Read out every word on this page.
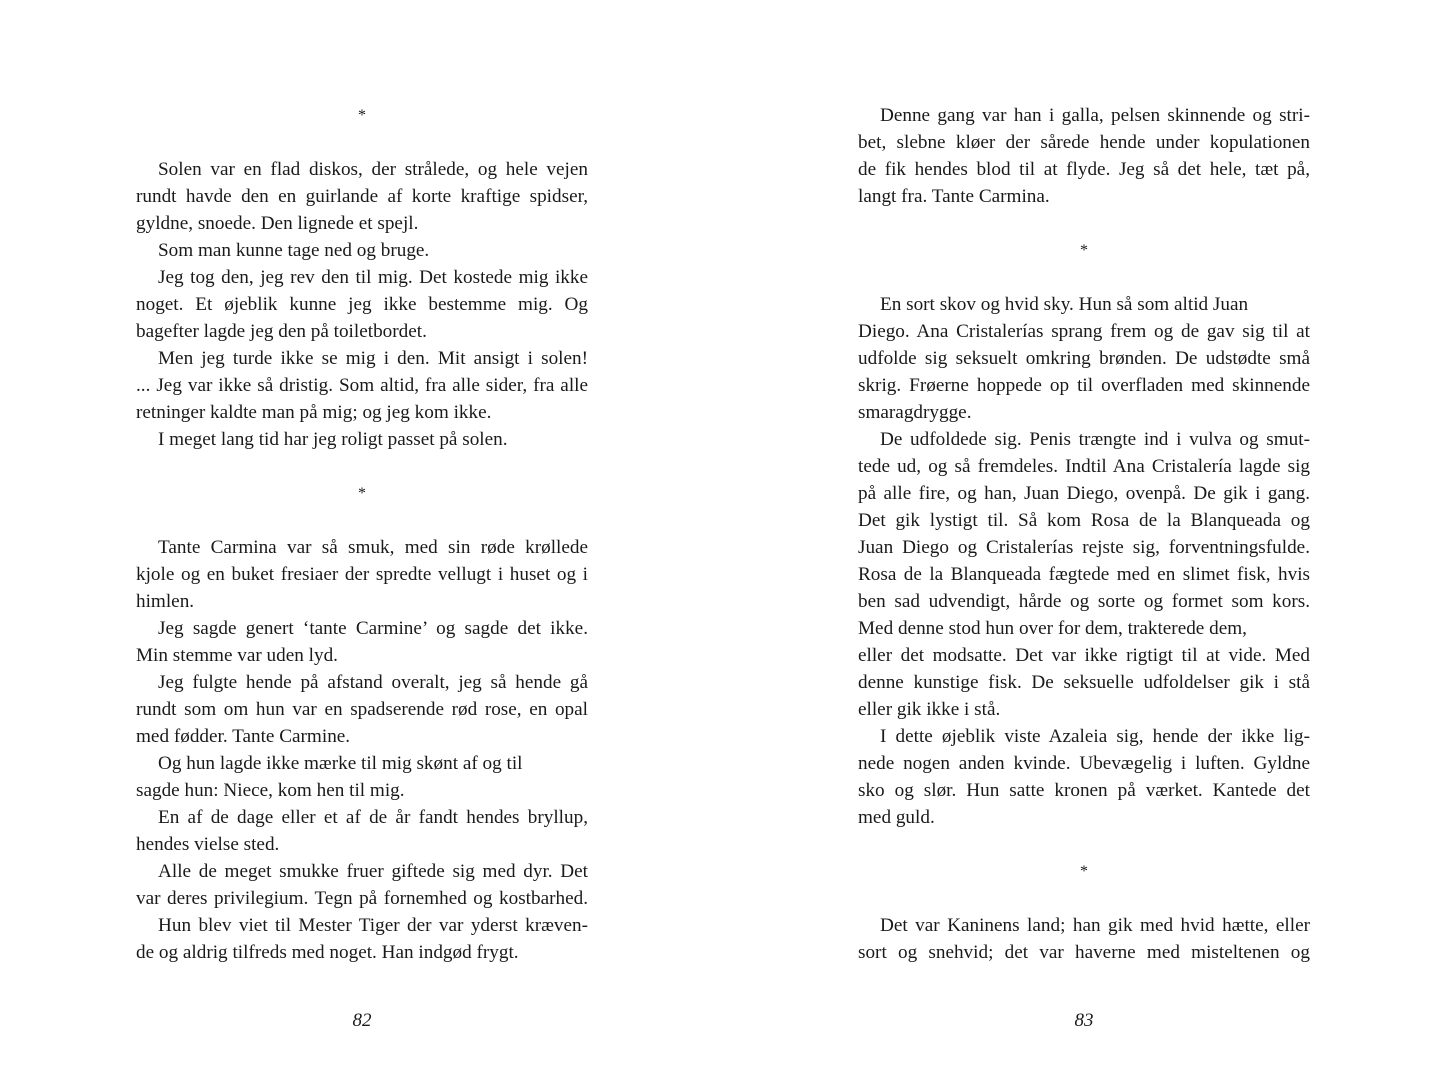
*
Solen var en flad diskos, der strålede, og hele vejen
rundt havde den en guirlande af korte kraftige spidser,
gyldne, snoede. Den lignede et spejl.
Som man kunne tage ned og bruge.
Jeg tog den, jeg rev den til mig. Det kostede mig ikke
noget. Et øjeblik kunne jeg ikke bestemme mig. Og
bagefter lagde jeg den på toiletbordet.
Men jeg turde ikke se mig i den. Mit ansigt i solen!
... Jeg var ikke så dristig. Som altid, fra alle sider, fra alle
retninger kaldte man på mig; og jeg kom ikke.
I meget lang tid har jeg roligt passet på solen.
*
Tante Carmina var så smuk, med sin røde krøllede
kjole og en buket fresiaer der spredte vellugt i huset og i
himlen.
Jeg sagde genert ‘tante Carmine’ og sagde det ikke.
Min stemme var uden lyd.
Jeg fulgte hende på afstand overalt, jeg så hende gå
rundt som om hun var en spadserende rød rose, en opal
med fødder. Tante Carmine.
Og hun lagde ikke mærke til mig skønt af og til
sagde hun: Niece, kom hen til mig.
En af de dage eller et af de år fandt hendes bryllup,
hendes vielse sted.
Alle de meget smukke fruer giftede sig med dyr. Det
var deres privilegium. Tegn på fornemhed og kostbarhed.
Hun blev viet til Mester Tiger der var yderst kræven-
de og aldrig tilfreds med noget. Han indgød frygt.
82
Denne gang var han i galla, pelsen skinnende og stri-
bet, slebne kløer der sårede hende under kopulationen
de fik hendes blod til at flyde. Jeg så det hele, tæt på,
langt fra. Tante Carmina.
*
En sort skov og hvid sky. Hun så som altid Juan
Diego. Ana Cristalerías sprang frem og de gav sig til at
udfolde sig seksuelt omkring brønden. De udstødte små
skrig. Frøerne hoppede op til overfladen med skinnende
smaragdrygge.
De udfoldede sig. Penis trængte ind i vulva og smut-
tede ud, og så fremdeles. Indtil Ana Cristalería lagde sig
på alle fire, og han, Juan Diego, ovenpå. De gik i gang.
Det gik lystigt til. Så kom Rosa de la Blanqueada og
Juan Diego og Cristalerías rejste sig, forventningsfulde.
Rosa de la Blanqueada fægtede med en slimet fisk, hvis
ben sad udvendigt, hårde og sorte og formet som kors.
Med denne stod hun over for dem, trakterede dem,
eller det modsatte. Det var ikke rigtigt til at vide. Med
denne kunstige fisk. De seksuelle udfoldelser gik i stå
eller gik ikke i stå.
I dette øjeblik viste Azaleia sig, hende der ikke lig-
nede nogen anden kvinde. Ubevægelig i luften. Gyldne
sko og slør. Hun satte kronen på værket. Kantede det
med guld.
*
Det var Kaninens land; han gik med hvid hætte, eller
sort og snehvid; det var haverne med misteltenen og
83
